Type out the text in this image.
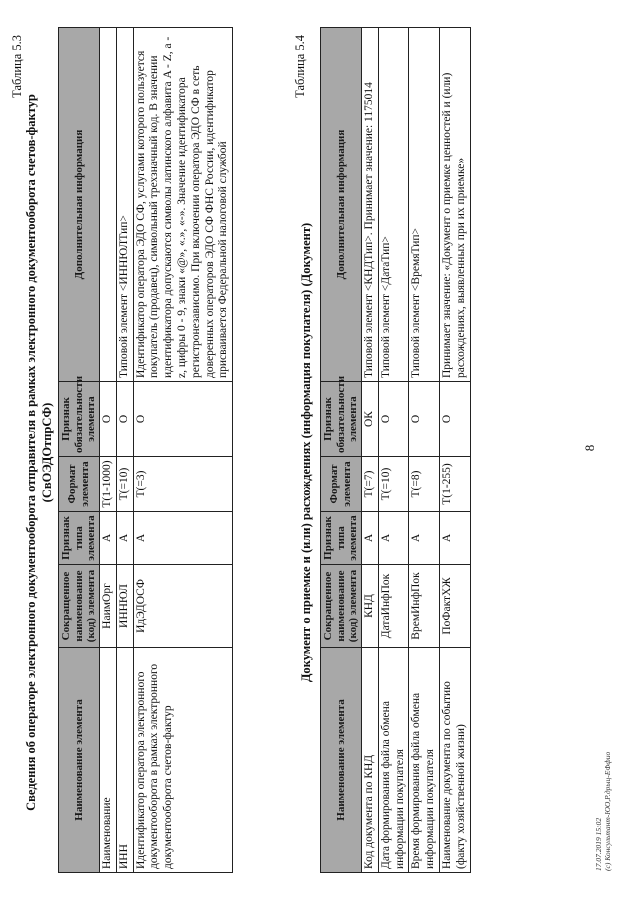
8
Таблица 5.3
Сведения об операторе электронного документооборота отправителя в рамках электронного документооборота счетов-фактур (СвОЭДОтпрСФ)
Наименование элемента	Сокращенное наименование (код) элемента	Признак типа элемента	Формат элемента	Признак обязательности элемента	Дополнительная информация
Наименование	НаимОрг	А	T(1-1000)	О	
ИНН	ИННЮЛ	А	T(=10)	О	Типовой элемент <ИННЮЛТип>
Идентификатор оператора электронного документооборота в рамках электронного документооборота счетов-фактур	ИдЭДОСФ	А	T(=3)	О	Идентификатор оператора ЭДО СФ, услугами которого пользуется покупатель (продавец), символьный трехзначный код. В значении идентификатора допускаются символы латинского алфавита A - Z, a - z, цифры 0 - 9, знаки «@», «.», «-». Значение идентификатора регистронезависимо. При включении оператора ЭДО СФ в сеть доверенных операторов ЭДО СФ ФНС России, идентификатор присваивается Федеральной налоговой службой
Таблица 5.4
Документ о приемке и (или) расхождениях (информация покупателя) (Документ)
Наименование элемента	Сокращенное наименование (код) элемента	Признак типа элемента	Формат элемента	Признак обязательности элемента	Дополнительная информация
Код документа по КНД	КНД	А	T(=7)	ОК	Типовой элемент <КНДТип>. Принимает значение: 1175014
Дата формирования файла обмена информации покупателя	ДатаИнфПок	А	T(=10)	О	Типовой элемент <ДатаТип>
Время формирования файла обмена информации покупателя	ВремИнфПок	А	T(=8)	О	Типовой элемент <ВремяТип>
Наименование документа по событию (факту хозяйственной жизни)	ПоФактХЖ	А	T(1-255)	О	Принимает значение: «Документ о приемке ценностей и (или) расхождениях, выявленных при их приемке»
17.07.2019 15:02 (c) Консультант-ЮО,Р.дрыц-ЕФфио
